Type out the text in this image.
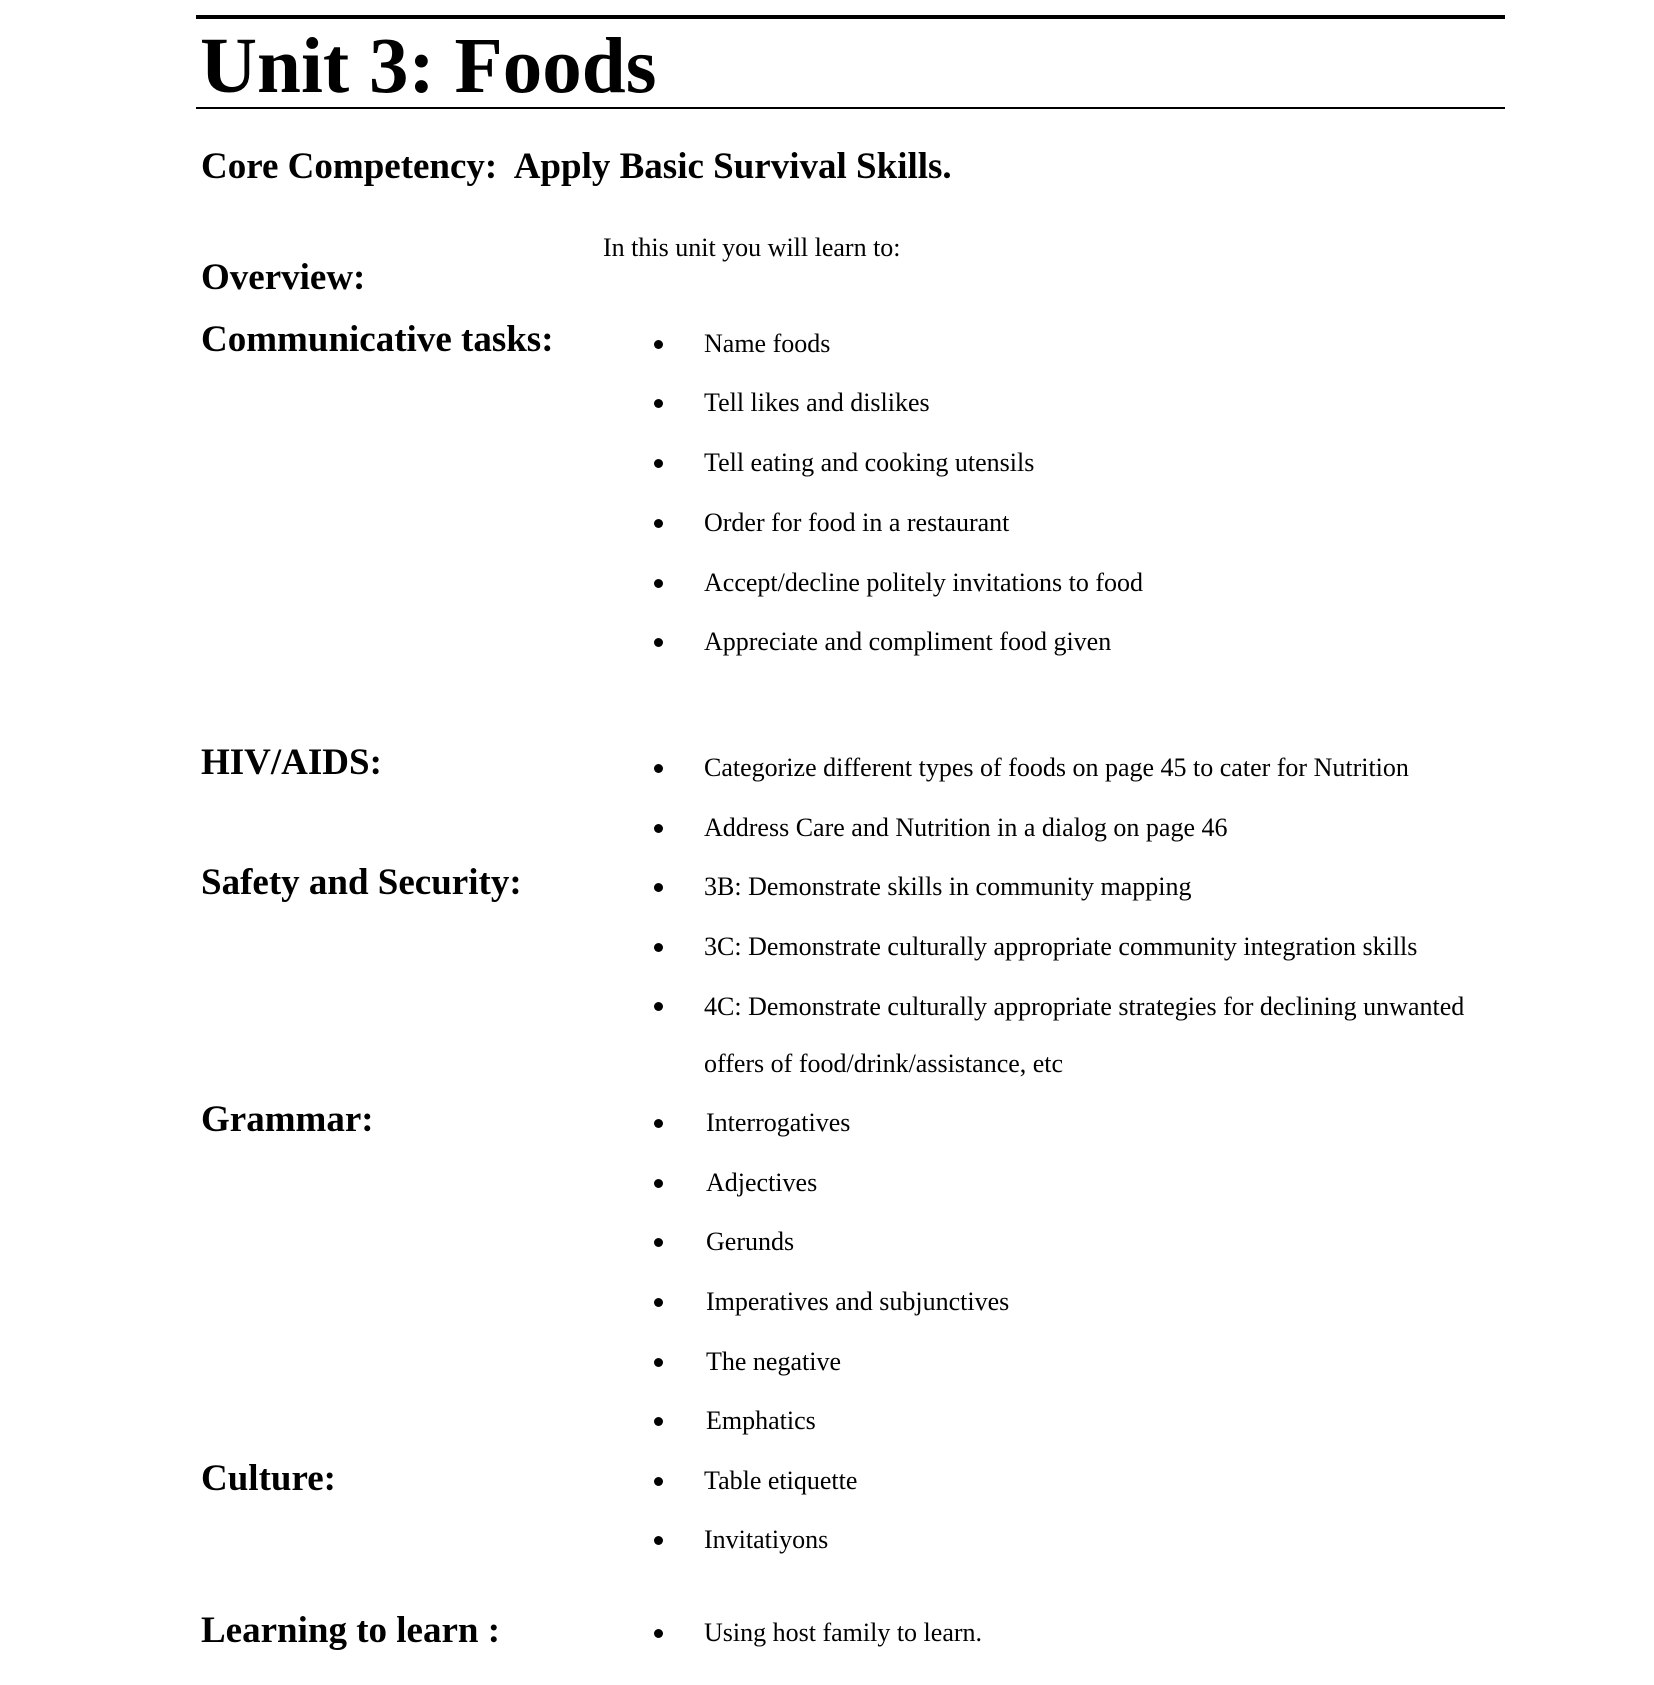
Unit 3: Foods
Core Competency:  Apply Basic Survival Skills.
In this unit you will learn to:
Overview:
Communicative tasks:
HIV/AIDS:
Safety and Security:
Grammar:
Culture:
Learning to learn :
Name foods
Tell likes and dislikes
Tell eating and cooking utensils
Order for food in a restaurant
Accept/decline politely invitations to food
Appreciate and compliment food given
Categorize different types of foods on page 45 to cater for Nutrition
Address Care and Nutrition in a dialog on page 46
3B: Demonstrate skills in community mapping
3C: Demonstrate culturally appropriate community integration skills
4C: Demonstrate culturally appropriate strategies for declining unwanted offers of food/drink/assistance, etc
Interrogatives
Adjectives
Gerunds
Imperatives and subjunctives
The negative
Emphatics
Table etiquette
Invitatiyons
Using host family to learn.
